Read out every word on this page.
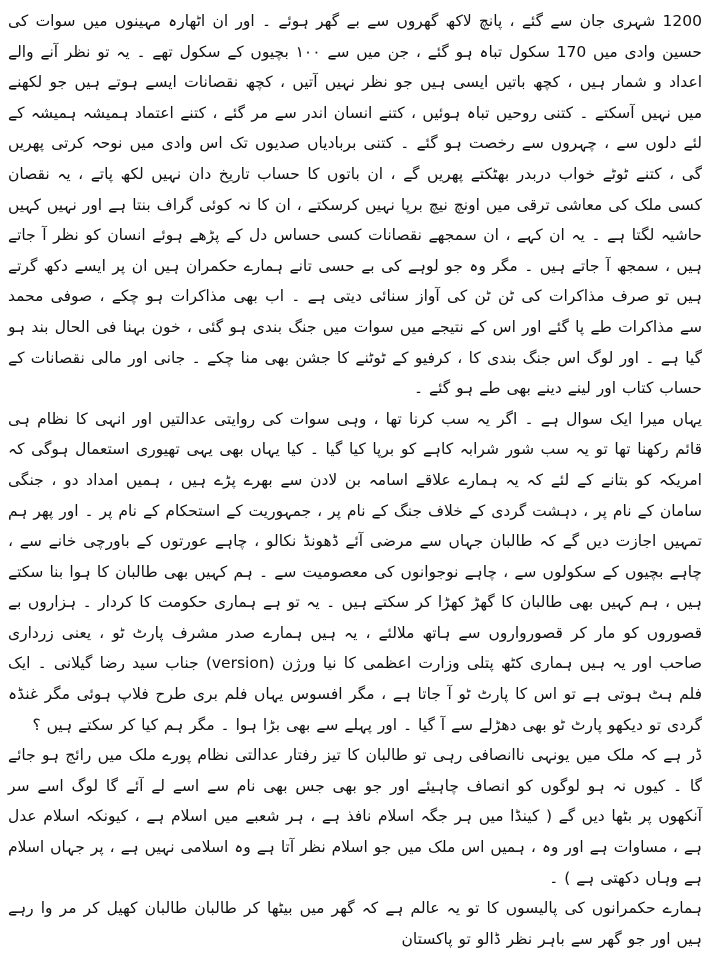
1200 شہری جان سے گئے ، پانچ لاکھ گھروں سے بے گھر ہوئے ۔ اور ان اٹھارہ مہینوں میں سوات کی حسین وادی میں 170 سکول تباہ ہو گئے ، جن میں سے ۱۰۰ بچیوں کے سکول تھے ۔ یہ تو نظر آنے والے اعداد و شمار ہیں ، کچھ باتیں ایسی ہیں جو نظر نہیں آتیں ، کچھ نقصانات ایسے ہوتے ہیں جو لکھنے میں نہیں آسکتے ۔ کتنی روحیں تباہ ہوئیں ، کتنے انسان اندر سے مر گئے ، کتنے اعتماد ہمیشہ ہمیشہ کے لئے دلوں سے ، چہروں سے رخصت ہو گئے ۔ کتنی بربادیاں صدیوں تک اس وادی میں نوحہ کرتی پھریں گی ، کتنے ٹوٹے خواب دربدر بھٹکتے پھریں گے ، ان باتوں کا حساب تاریخ دان نہیں لکھ پاتے ، یہ نقصان کسی ملک کی معاشی ترقی میں اونچ نیچ برپا نہیں کرسکتے ، ان کا نہ کوئی گراف بنتا ہے اور نہیں کہیں حاشیہ لگتا ہے ۔ یہ ان کہے ، ان سمجھے نقصانات کسی حساس دل کے پڑھے ہوئے انسان کو نظر آ جاتے ہیں ، سمجھ آ جاتے ہیں ۔ مگر وہ جو لوہے کی بے حسی تانے ہمارے حکمران ہیں ان پر ایسے دکھ گرتے ہیں تو صرف مذاکرات کی ٹن ٹن کی آواز سنائی دیتی ہے ۔ اب بھی مذاکرات ہو چکے ، صوفی محمد سے مذاکرات طے پا گئے اور اس کے نتیجے میں سوات میں جنگ بندی ہو گئی ، خون بہنا فی الحال بند ہو گیا ہے ۔ اور لوگ اس جنگ بندی کا ، کرفیو کے ٹوٹنے کا جشن بھی منا چکے ۔ جانی اور مالی نقصانات کے حساب کتاب اور لینے دینے بھی طے ہو گئے ۔

یہاں میرا ایک سوال ہے ۔ اگر یہ سب کرنا تھا ، وہی سوات کی روایتی عدالتیں اور انہی کا نظام ہی قائم رکھنا تھا تو یہ سب شور شرابہ کاہے کو برپا کیا گیا ۔ کیا یہاں بھی یہی تھیوری استعمال ہوگی کہ امریکہ کو بتانے کے لئے کہ یہ ہمارے علاقے اسامہ بن لادن سے بھرے پڑے ہیں ، ہمیں امداد دو ، جنگی سامان کے نام پر ، دہشت گردی کے خلاف جنگ کے نام پر ، جمہوریت کے استحکام کے نام پر ۔ اور پھر ہم تمہیں اجازت دیں گے کہ طالبان جہاں سے مرضی آئے ڈھونڈ نکالو ، چاہے عورتوں کے باورچی خانے سے ، چاہے بچیوں کے سکولوں سے ، چاہے نوجوانوں کی معصومیت سے ۔ ہم کہیں بھی طالبان کا ہوا بنا سکتے ہیں ، ہم کہیں بھی طالبان کا گھڑ کھڑا کر سکتے ہیں ۔ یہ تو ہے ہماری حکومت کا کردار ۔ ہزاروں بے قصوروں کو مار کر قصورواروں سے ہاتھ ملالئے ، یہ ہیں ہمارے صدر مشرف پارٹ ٹو ، یعنی زرداری صاحب اور یہ ہیں ہماری کٹھ پتلی وزارت اعظمی کا نیا ورژن (version) جناب سید رضا گیلانی ۔ ایک فلم ہٹ ہوتی ہے تو اس کا پارٹ ٹو آ جاتا ہے ، مگر افسوس یہاں فلم بری طرح فلاپ ہوئی مگر غنڈہ گردی تو دیکھو پارٹ ٹو بھی دھڑلے سے آ گیا ۔ اور پہلے سے بھی بڑا ہوا ۔ مگر ہم کیا کر سکتے ہیں ؟

ڈر ہے کہ ملک میں یونہی ناانصافی رہی تو طالبان کا تیز رفتار عدالتی نظام پورے ملک میں رائج ہو جائے گا ۔ کیوں نہ ہو لوگوں کو انصاف چاہیئے اور جو بھی جس بھی نام سے اسے لے آئے گا لوگ اسے سر آنکھوں پر بٹھا دیں گے ( کینڈا میں ہر جگہ اسلام نافذ ہے ، ہر شعبے میں اسلام ہے ، کیونکہ اسلام عدل ہے ، مساوات ہے اور وہ ، ہمیں اس ملک میں جو اسلام نظر آتا ہے وہ اسلامی نہیں ہے ، پر جہاں اسلام ہے وہاں دکھتی ہے ) ۔

ہمارے حکمرانوں کی پالیسوں کا تو یہ عالم ہے کہ گھر میں بیٹھا کر طالبان طالبان کھیل کر مر وا رہے ہیں اور جو گھر سے باہر نظر ڈالو تو پاکستان
